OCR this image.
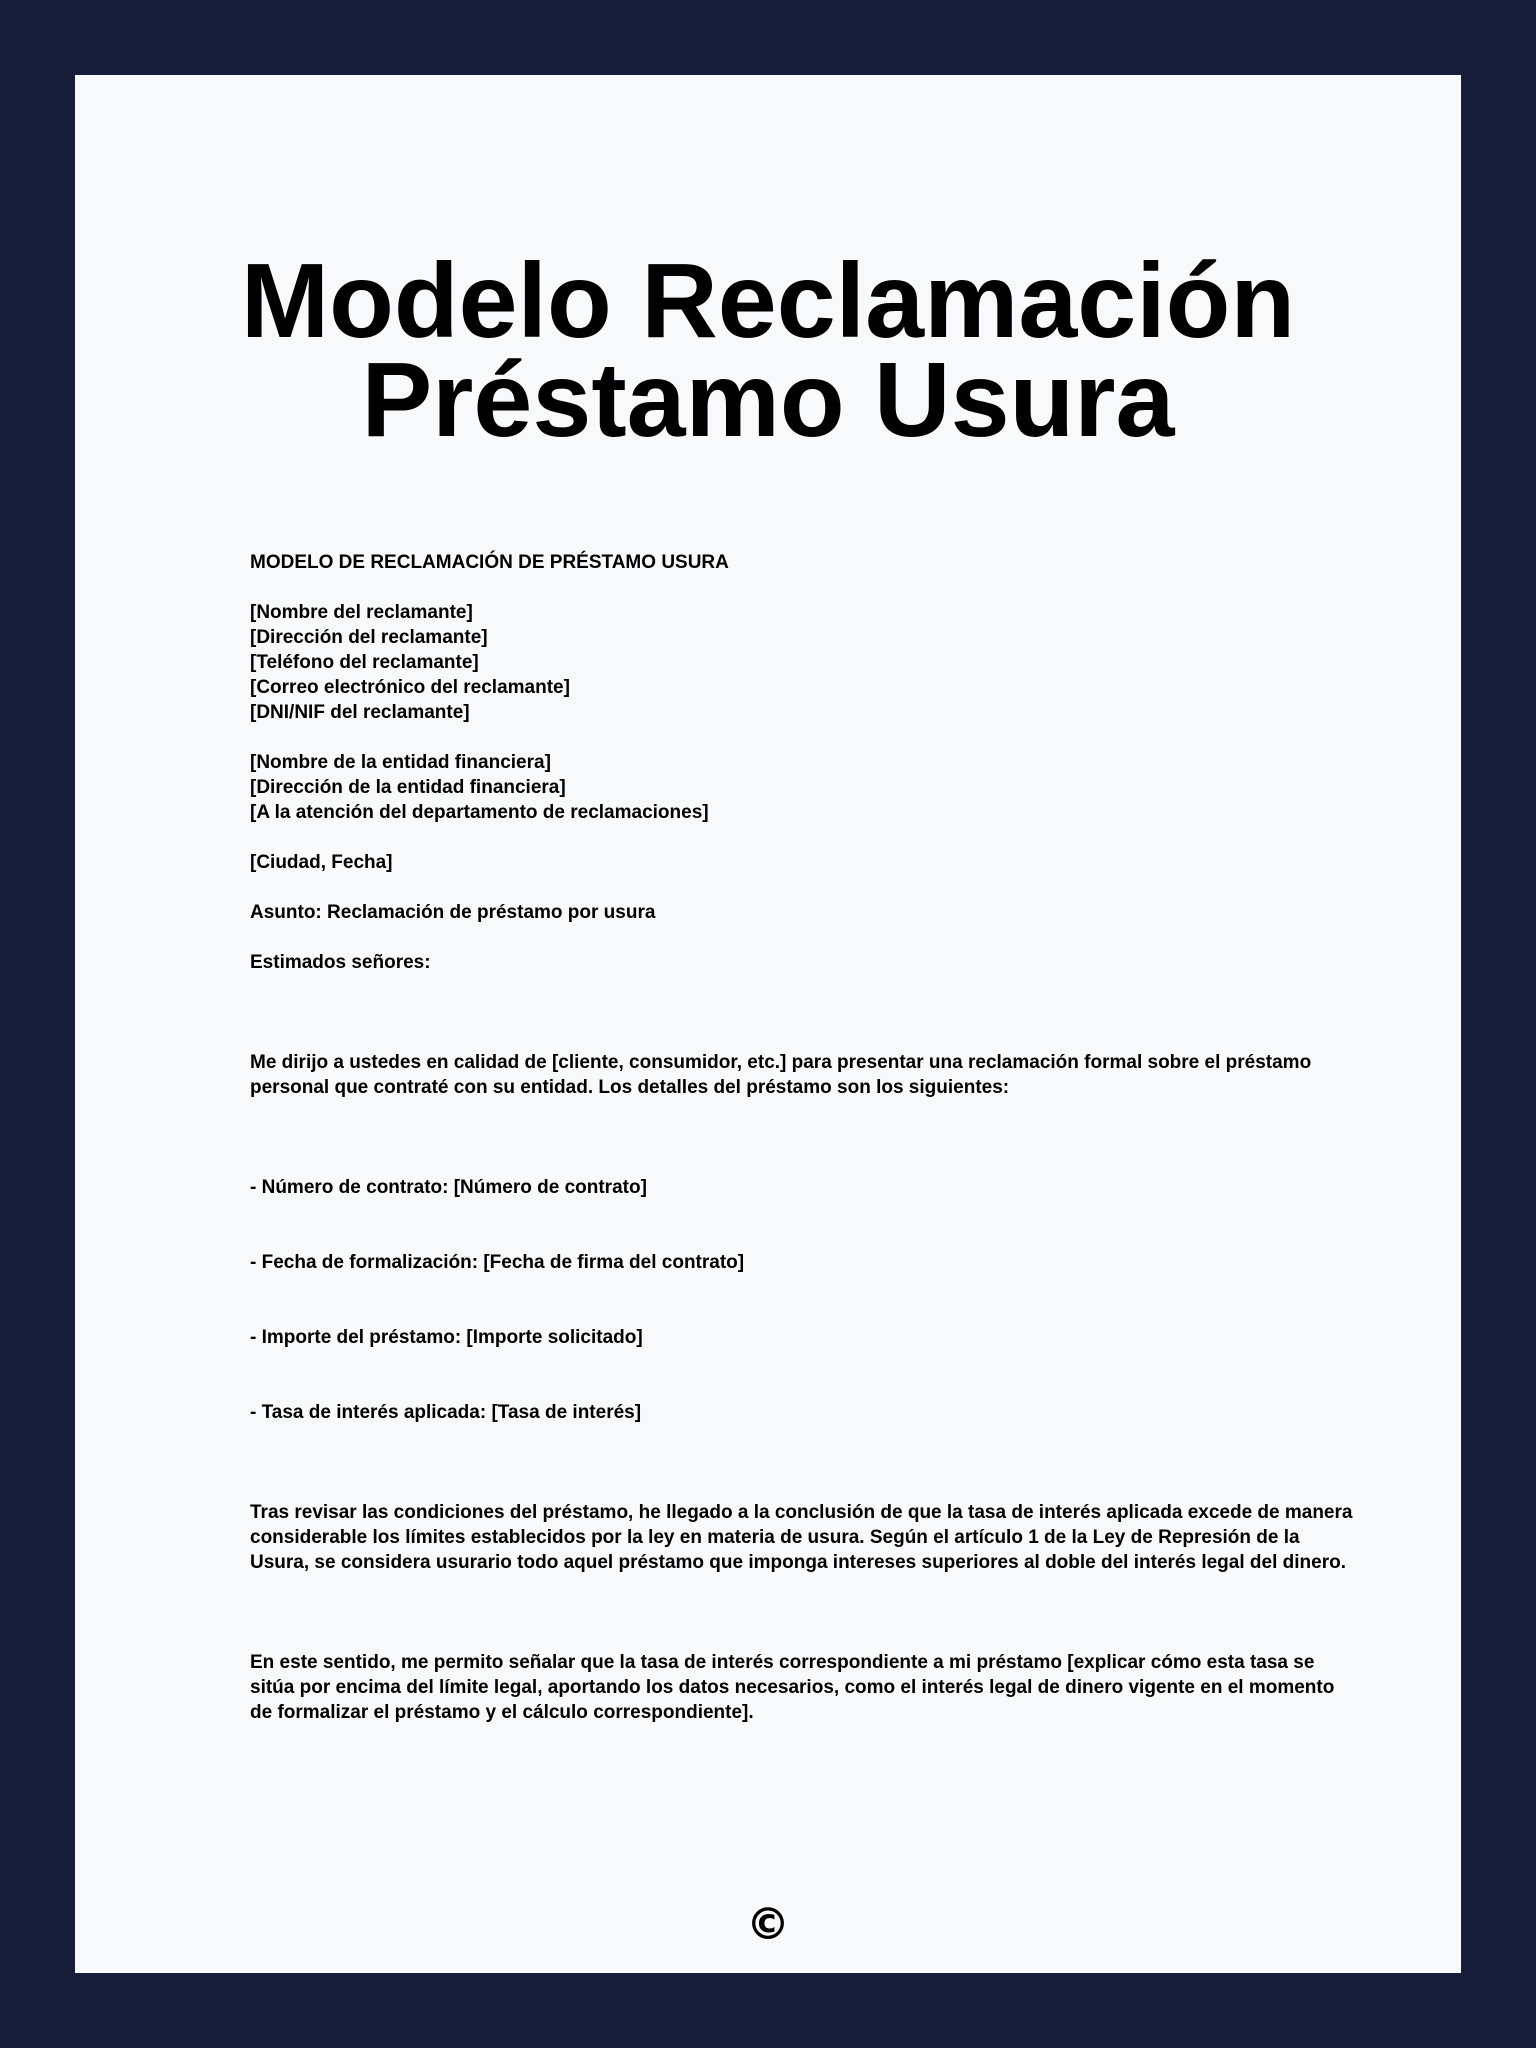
Modelo Reclamación
Préstamo Usura

MODELO DE RECLAMACIÓN DE PRÉSTAMO USURA

[Nombre del reclamante]
[Dirección del reclamante]
[Teléfono del reclamante]
[Correo electrónico del reclamante]
[DNI/NIF del reclamante]

[Nombre de la entidad financiera]
[Dirección de la entidad financiera]
[A la atención del departamento de reclamaciones]

[Ciudad, Fecha]

Asunto: Reclamación de préstamo por usura

Estimados señores:

Me dirijo a ustedes en calidad de [cliente, consumidor, etc.] para presentar una reclamación formal sobre el préstamo personal que contraté con su entidad. Los detalles del préstamo son los siguientes:

- Número de contrato: [Número de contrato]

- Fecha de formalización: [Fecha de firma del contrato]

- Importe del préstamo: [Importe solicitado]

- Tasa de interés aplicada: [Tasa de interés]

Tras revisar las condiciones del préstamo, he llegado a la conclusión de que la tasa de interés aplicada excede de manera considerable los límites establecidos por la ley en materia de usura. Según el artículo 1 de la Ley de Represión de la Usura, se considera usurario todo aquel préstamo que imponga intereses superiores al doble del interés legal del dinero.

En este sentido, me permito señalar que la tasa de interés correspondiente a mi préstamo [explicar cómo esta tasa se sitúa por encima del límite legal, aportando los datos necesarios, como el interés legal de dinero vigente en el momento de formalizar el préstamo y el cálculo correspondiente].

©
